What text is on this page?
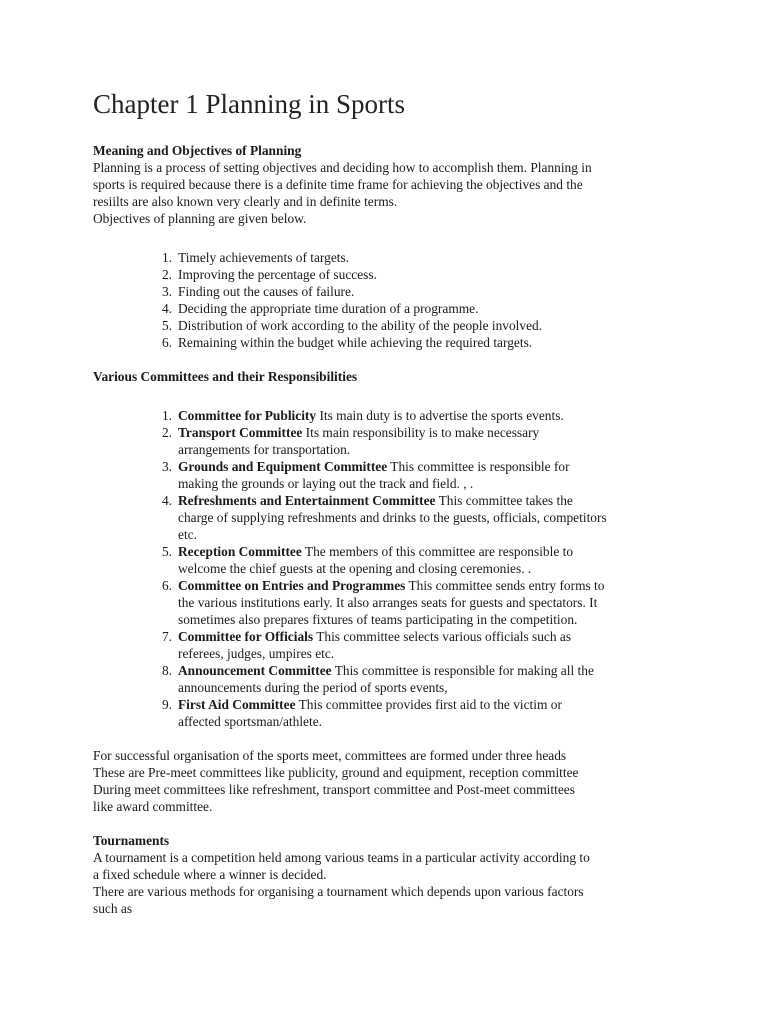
Chapter 1 Planning in Sports

Meaning and Objectives of Planning

Planning is a process of setting objectives and deciding how to accomplish them. Planning in
sports is required because there is a definite time frame for achieving the objectives and the
resiilts are also known very clearly and in definite terms.
Objectives of planning are given below.

1. Timely achievements of targets.
2. Improving the percentage of success.
3. Finding out the causes of failure.
4. Deciding the appropriate time duration of a programme.
5. Distribution of work according to the ability of the people involved.
6. Remaining within the budget while achieving the required targets.

Various Committees and their Responsibilities

1. Committee for Publicity Its main duty is to advertise the sports events.
2. Transport Committee Its main responsibility is to make necessary
arrangements for transportation.
3. Grounds and Equipment Committee This committee is responsible for
making the grounds or laying out the track and field. , .
4. Refreshments and Entertainment Committee This committee takes the
charge of supplying refreshments and drinks to the guests, officials, competitors
etc.
5. Reception Committee The members of this committee are responsible to
welcome the chief guests at the opening and closing ceremonies. .
6. Committee on Entries and Programmes This committee sends entry forms to
the various institutions early. It also arranges seats for guests and spectators. It
sometimes also prepares fixtures of teams participating in the competition.
7. Committee for Officials This committee selects various officials such as
referees, judges, umpires etc.
8. Announcement Committee This committee is responsible for making all the
announcements during the period of sports events,
9. First Aid Committee This committee provides first aid to the victim or
affected sportsman/athlete.

For successful organisation of the sports meet, committees are formed under three heads
These are Pre-meet committees like publicity, ground and equipment, reception committee
During meet committees like refreshment, transport committee and Post-meet committees
like award committee.

Tournaments

A tournament is a competition held among various teams in a particular activity according to
a fixed schedule where a winner is decided.
There are various methods for organising a tournament which depends upon various factors
such as
